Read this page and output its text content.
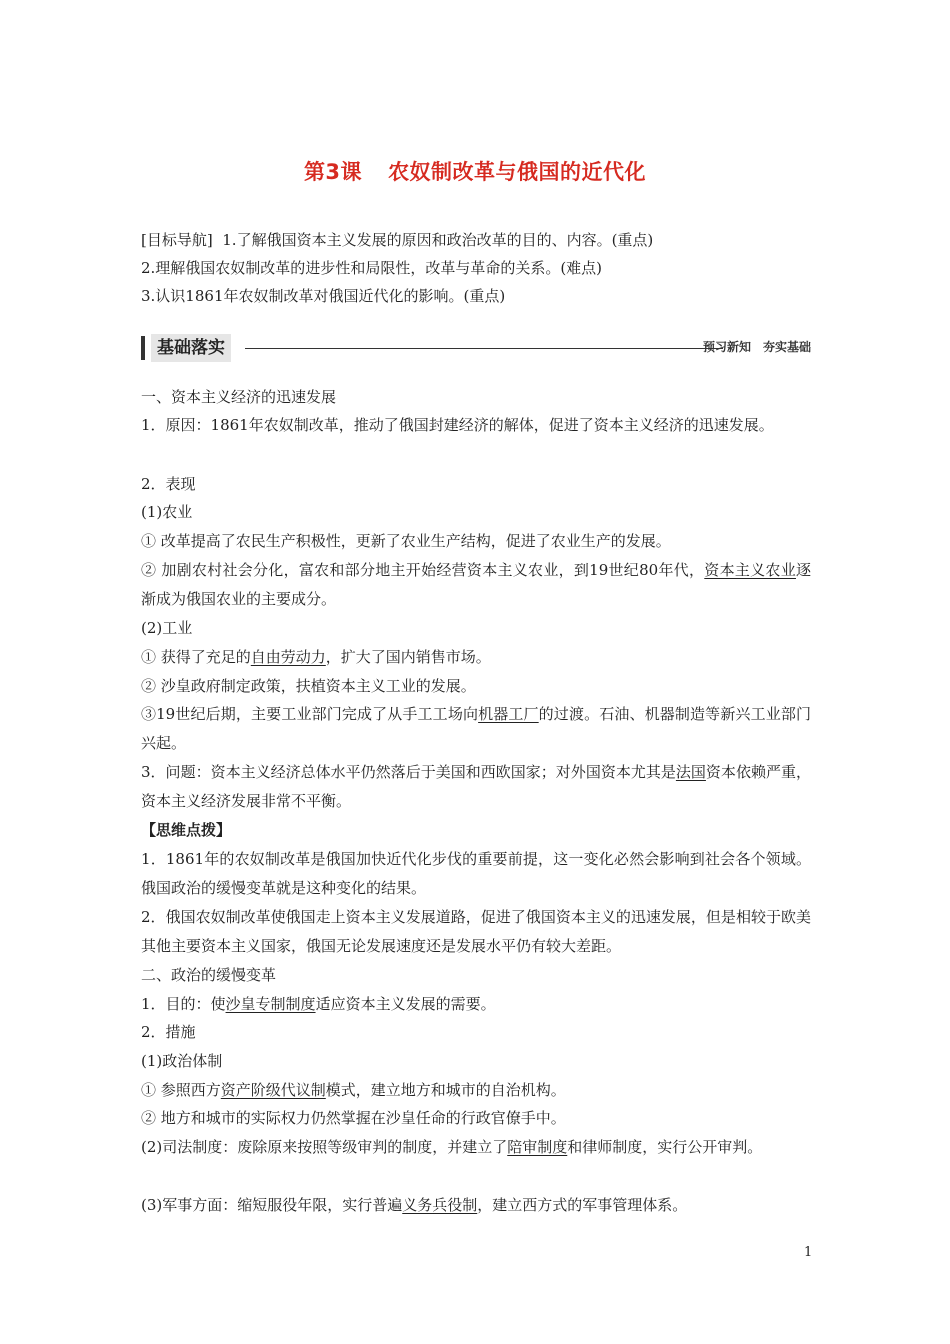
第3课 农奴制改革与俄国的近代化
[目标导航] 1.了解俄国资本主义发展的原因和政治改革的目的、内容。(重点)
2.理解俄国农奴制改革的进步性和局限性，改革与革命的关系。(难点)
3.认识1861年农奴制改革对俄国近代化的影响。(重点)
基础落实	预习新知　夯实基础
一、资本主义经济的迅速发展
1．原因：1861年农奴制改革，推动了俄国封建经济的解体，促进了资本主义经济的迅速发展。
2．表现
(1)农业
① 改革提高了农民生产积极性，更新了农业生产结构，促进了农业生产的发展。
② 加剧农村社会分化，富农和部分地主开始经营资本主义农业，到19世纪80年代，资本主义农业逐渐成为俄国农业的主要成分。
(2)工业
① 获得了充足的自由劳动力，扩大了国内销售市场。
② 沙皇政府制定政策，扶植资本主义工业的发展。
③19世纪后期，主要工业部门完成了从手工工场向机器工厂的过渡。石油、机器制造等新兴工业部门兴起。
3．问题：资本主义经济总体水平仍然落后于美国和西欧国家；对外国资本尤其是法国资本依赖严重，资本主义经济发展非常不平衡。
【思维点拨】
1．1861年的农奴制改革是俄国加快近代化步伐的重要前提，这一变化必然会影响到社会各个领域。俄国政治的缓慢变革就是这种变化的结果。
2．俄国农奴制改革使俄国走上资本主义发展道路，促进了俄国资本主义的迅速发展，但是相较于欧美其他主要资本主义国家，俄国无论发展速度还是发展水平仍有较大差距。
二、政治的缓慢变革
1．目的：使沙皇专制制度适应资本主义发展的需要。
2．措施
(1)政治体制
① 参照西方资产阶级代议制模式，建立地方和城市的自治机构。
② 地方和城市的实际权力仍然掌握在沙皇任命的行政官僚手中。
(2)司法制度：废除原来按照等级审判的制度，并建立了陪审制度和律师制度，实行公开审判。
(3)军事方面：缩短服役年限，实行普遍义务兵役制，建立西方式的军事管理体系。
1
